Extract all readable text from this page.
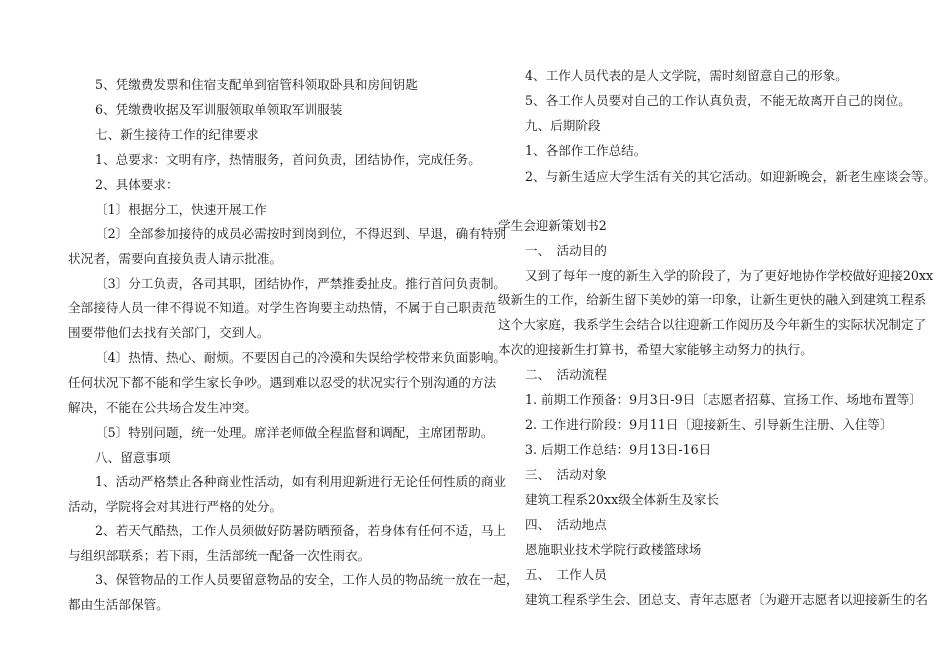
5、凭缴费发票和住宿支配单到宿管科领取卧具和房间钥匙
6、凭缴费收据及军训服领取单领取军训服装
七、新生接待工作的纪律要求
1、总要求：文明有序，热情服务，首问负责，团结协作，完成任务。
2、具体要求：
〔1〕根据分工，快速开展工作
〔2〕全部参加接待的成员必需按时到岗到位，不得迟到、早退，确有特别
状况者，需要向直接负责人请示批准。
〔3〕分工负责，各司其职，团结协作，严禁推委扯皮。推行首问负责制。
全部接待人员一律不得说不知道。对学生咨询要主动热情，不属于自己职责范
围要带他们去找有关部门，交到人。
〔4〕热情、热心、耐烦。不要因自己的冷漠和失误给学校带来负面影响。
任何状况下都不能和学生家长争吵。遇到难以忍受的状况实行个别沟通的方法
解决，不能在公共场合发生冲突。
〔5〕特别问题，统一处理。席洋老师做全程监督和调配，主席团帮助。
八、留意事项
1、活动严格禁止各种商业性活动，如有利用迎新进行无论任何性质的商业
活动，学院将会对其进行严格的处分。
2、若天气酷热，工作人员须做好防暑防晒预备，若身体有任何不适，马上
与组织部联系；若下雨，生活部统一配备一次性雨衣。
3、保管物品的工作人员要留意物品的安全，工作人员的物品统一放在一起，
都由生活部保管。
4、工作人员代表的是人文学院，需时刻留意自己的形象。
5、各工作人员要对自己的工作认真负责，不能无故离开自己的岗位。
九、后期阶段
1、各部作工作总结。
2、与新生适应大学生活有关的其它活动。如迎新晚会，新老生座谈会等。
学生会迎新策划书2
一、　活动目的
又到了每年一度的新生入学的阶段了，为了更好地协作学校做好迎接20xx
级新生的工作，给新生留下美妙的第一印象，让新生更快的融入到建筑工程系
这个大家庭，我系学生会结合以往迎新工作阅历及今年新生的实际状况制定了
本次的迎接新生打算书，希望大家能够主动努力的执行。
二、　活动流程
1. 前期工作预备：9月3日-9日〔志愿者招募、宣扬工作、场地布置等〕
2. 工作进行阶段：9月11日〔迎接新生、引导新生注册、入住等〕
3. 后期工作总结：9月13日-16日
三、　活动对象
建筑工程系20xx级全体新生及家长
四、　活动地点
恩施职业技术学院行政楼篮球场
五、　工作人员
建筑工程系学生会、团总支、青年志愿者〔为避开志愿者以迎接新生的名
